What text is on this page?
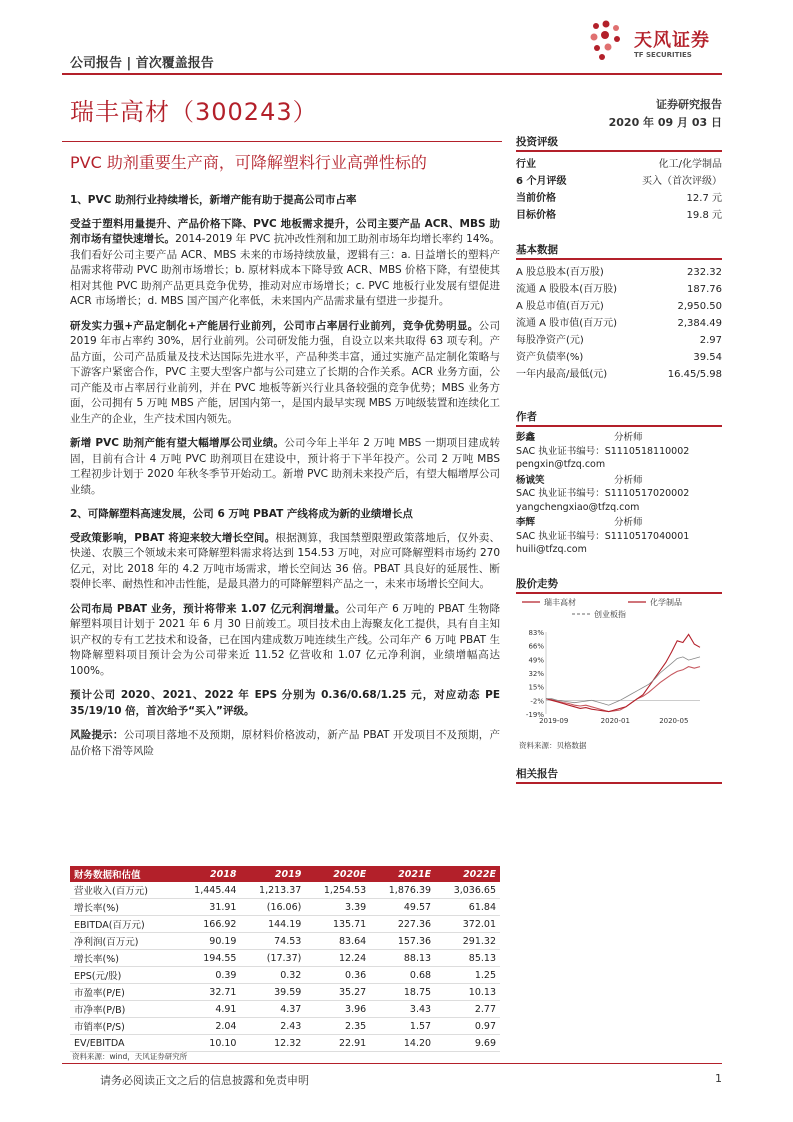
公司报告 | 首次覆盖报告
天风证券
TF SECURITIES
瑞丰高材（300243）	证券研究报告
2020 年 09 月 03 日
PVC 助剂重要生产商，可降解塑料行业高弹性标的
1、PVC 助剂行业持续增长，新增产能有助于提高公司市占率

受益于塑料用量提升、产品价格下降、PVC 地板需求提升，公司主要产品 ACR、MBS 助剂市场有望快速增长。2014-2019 年 PVC 抗冲改性剂和加工助剂市场年均增长率约 14%。我们看好公司主要产品 ACR、MBS 未来的市场持续放量，逻辑有三：a. 日益增长的塑料产品需求将带动 PVC 助剂市场增长；b. 原材料成本下降导致 ACR、MBS 价格下降，有望使其相对其他 PVC 助剂产品更具竞争优势，推动对应市场增长；c. PVC 地板行业发展有望促进 ACR 市场增长；d. MBS 国产国产化率低，未来国内产品需求量有望进一步提升。

研发实力强+产品定制化+产能居行业前列，公司市占率居行业前列，竞争优势明显。公司 2019 年市占率约 30%，居行业前列。公司研发能力强，自设立以来共取得 63 项专利。产品方面，公司产品质量及技术达国际先进水平，产品种类丰富，通过实施产品定制化策略与下游客户紧密合作，PVC 主要大型客户都与公司建立了长期的合作关系。ACR 业务方面，公司产能及市占率居行业前列，并在 PVC 地板等新兴行业具备较强的竞争优势；MBS 业务方面，公司拥有 5 万吨 MBS 产能，居国内第一，是国内最早实现 MBS 万吨级装置和连续化工业生产的企业，生产技术国内领先。

新增 PVC 助剂产能有望大幅增厚公司业绩。公司今年上半年 2 万吨 MBS 一期项目建成转固，目前有合计 4 万吨 PVC 助剂项目在建设中，预计将于下半年投产。公司 2 万吨 MBS 工程初步计划于 2020 年秋冬季节开始动工。新增 PVC 助剂未来投产后，有望大幅增厚公司业绩。

2、可降解塑料高速发展，公司 6 万吨 PBAT 产线将成为新的业绩增长点

受政策影响，PBAT 将迎来较大增长空间。根据测算，我国禁塑限塑政策落地后，仅外卖、快递、农膜三个领域未来可降解塑料需求将达到 154.53 万吨，对应可降解塑料市场约 270 亿元，对比 2018 年的 4.2 万吨市场需求，增长空间达 36 倍。PBAT 具良好的延展性、断裂伸长率、耐热性和冲击性能，是最具潜力的可降解塑料产品之一，未来市场增长空间大。

公司布局 PBAT 业务，预计将带来 1.07 亿元利润增量。公司年产 6 万吨的 PBAT 生物降解塑料项目计划于 2021 年 6 月 30 日前竣工。项目技术由上海聚友化工提供，具有自主知识产权的专有工艺技术和设备，已在国内建成数万吨连续生产线。公司年产 6 万吨 PBAT 生物降解塑料项目预计会为公司带来近 11.52 亿营收和 1.07 亿元净利润，业绩增幅高达 100%。

预计公司 2020、2021、2022 年 EPS 分别为 0.36/0.68/1.25 元，对应动态 PE 35/19/10 倍，首次给予“买入”评级。

风险提示：公司项目落地不及预期，原材料价格波动，新产品 PBAT 开发项目不及预期，产品价格下滑等风险

财务数据和估值	2018	2019	2020E	2021E	2022E
营业收入(百万元)	1,445.44	1,213.37	1,254.53	1,876.39	3,036.65
增长率(%)	31.91	(16.06)	3.39	49.57	61.84
EBITDA(百万元)	166.92	144.19	135.71	227.36	372.01
净利润(百万元)	90.19	74.53	83.64	157.36	291.32
增长率(%)	194.55	(17.37)	12.24	88.13	85.13
EPS(元/股)	0.39	0.32	0.36	0.68	1.25
市盈率(P/E)	32.71	39.59	35.27	18.75	10.13
市净率(P/B)	4.91	4.37	3.96	3.43	2.77
市销率(P/S)	2.04	2.43	2.35	1.57	0.97
EV/EBITDA	10.10	12.32	22.91	14.20	9.69
资料来源：wind，天风证券研究所
投资评级
行业	化工/化学制品
6 个月评级	买入（首次评级）
当前价格	12.7 元
目标价格	19.8 元
基本数据
A 股总股本(百万股)	232.32
流通 A 股股本(百万股)	187.76
A 股总市值(百万元)	2,950.50
流通 A 股市值(百万元)	2,384.49
每股净资产(元)	2.97
资产负债率(%)	39.54
一年内最高/最低(元)	16.45/5.98
作者
彭鑫	分析师
SAC 执业证书编号：S1110518110002
pengxin@tfzq.com
杨诚笑	分析师
SAC 执业证书编号：S1110517020002
yangchengxiao@tfzq.com
李辉	分析师
SAC 执业证书编号：S1110517040001
huili@tfzq.com
股价走势
瑞丰高材	化学制品
创业板指
83%
66%
49%
32%
15%
-2%
-19%
2019-09	2020-01	2020-05
资料来源：贝格数据
相关报告
请务必阅读正文之后的信息披露和免责申明	1
